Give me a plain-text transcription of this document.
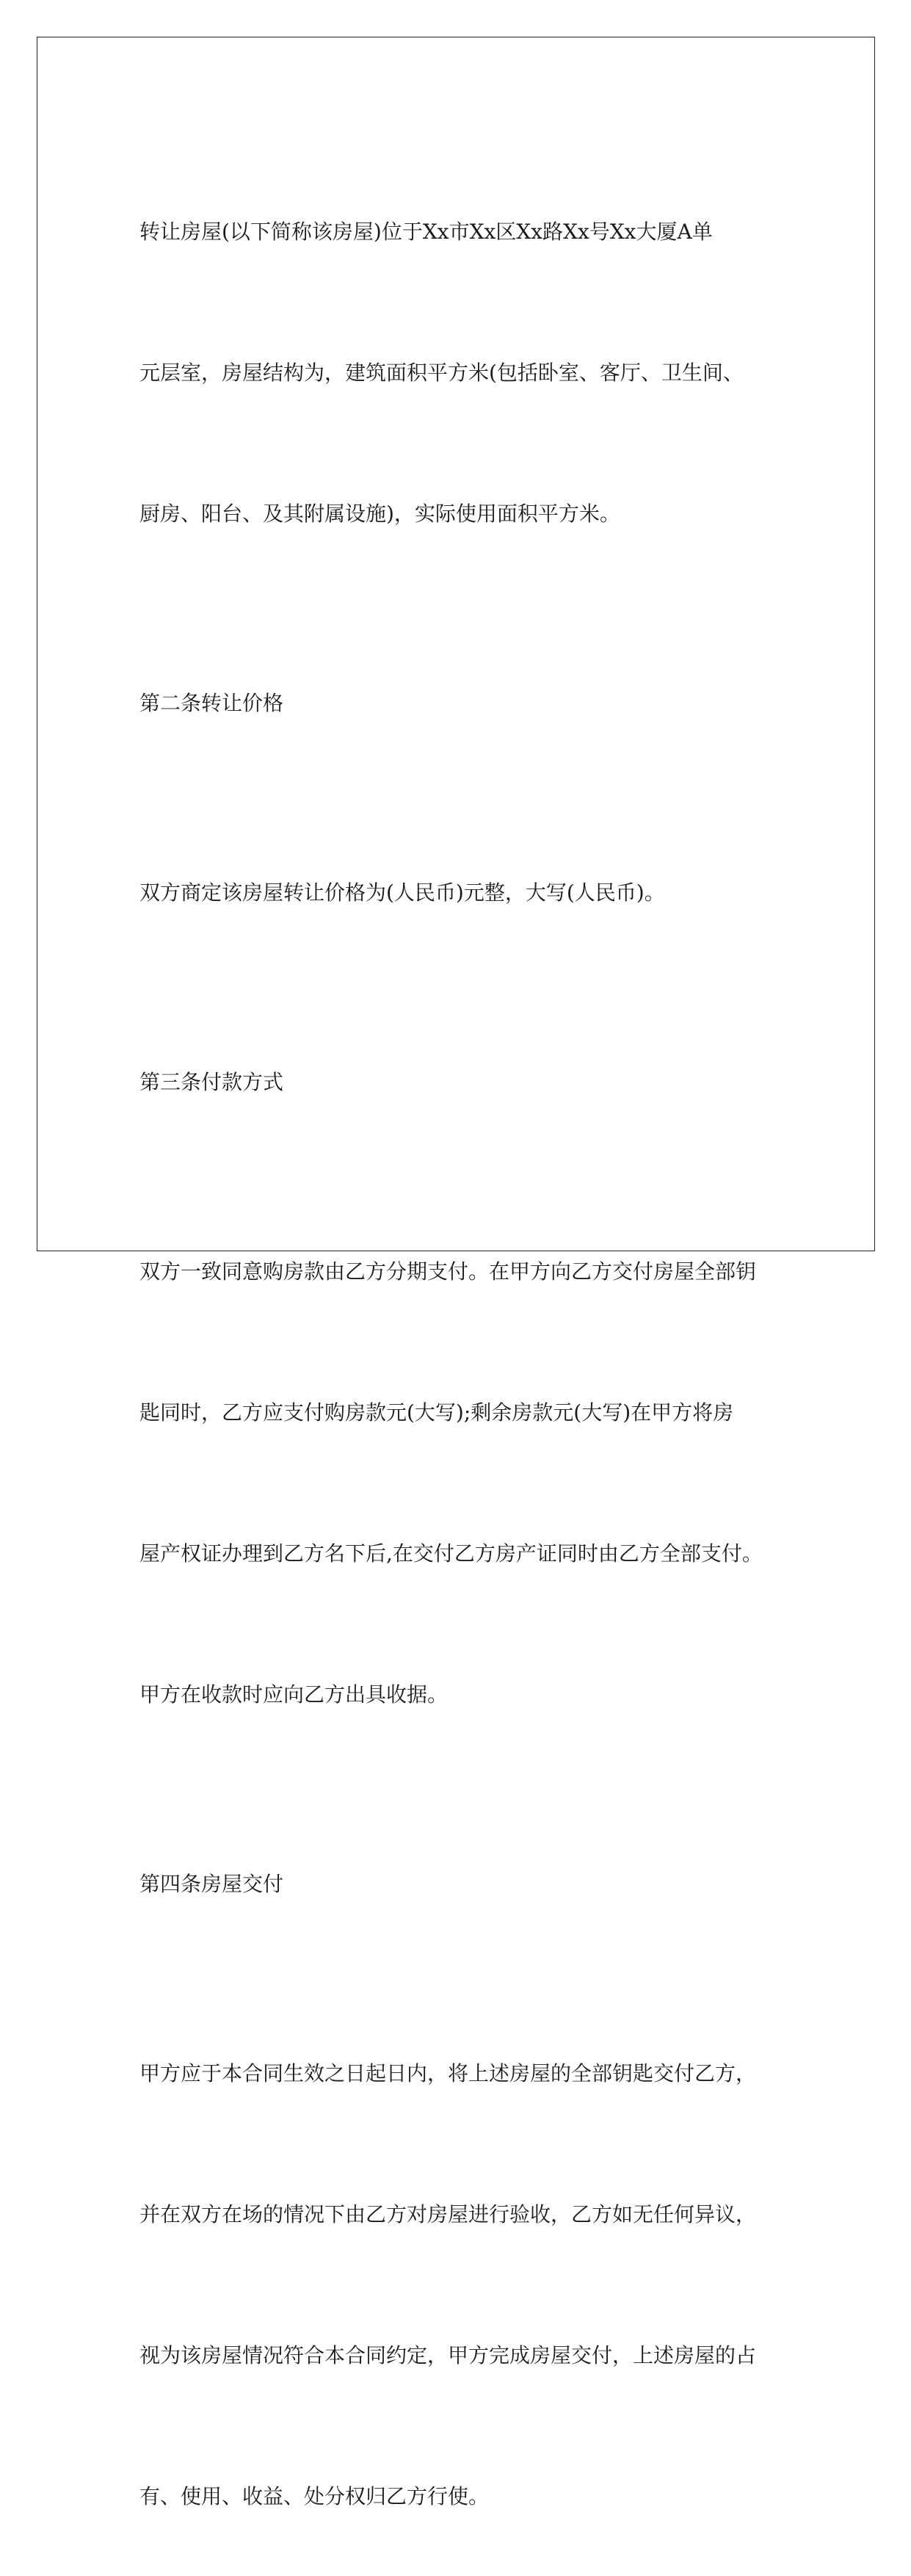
转让房屋(以下简称该房屋)位于Xx市Xx区Xx路Xx号Xx大厦A单

元层室，房屋结构为，建筑面积平方米(包括卧室、客厅、卫生间、

厨房、阳台、及其附属设施)，实际使用面积平方米。

第二条转让价格

双方商定该房屋转让价格为(人民币)元整，大写(人民币)。

第三条付款方式

双方一致同意购房款由乙方分期支付。在甲方向乙方交付房屋全部钥

匙同时，乙方应支付购房款元(大写);剩余房款元(大写)在甲方将房

屋产权证办理到乙方名下后,在交付乙方房产证同时由乙方全部支付。

甲方在收款时应向乙方出具收据。

第四条房屋交付

甲方应于本合同生效之日起日内，将上述房屋的全部钥匙交付乙方，

并在双方在场的情况下由乙方对房屋进行验收，乙方如无任何异议，

视为该房屋情况符合本合同约定，甲方完成房屋交付，上述房屋的占

有、使用、收益、处分权归乙方行使。
